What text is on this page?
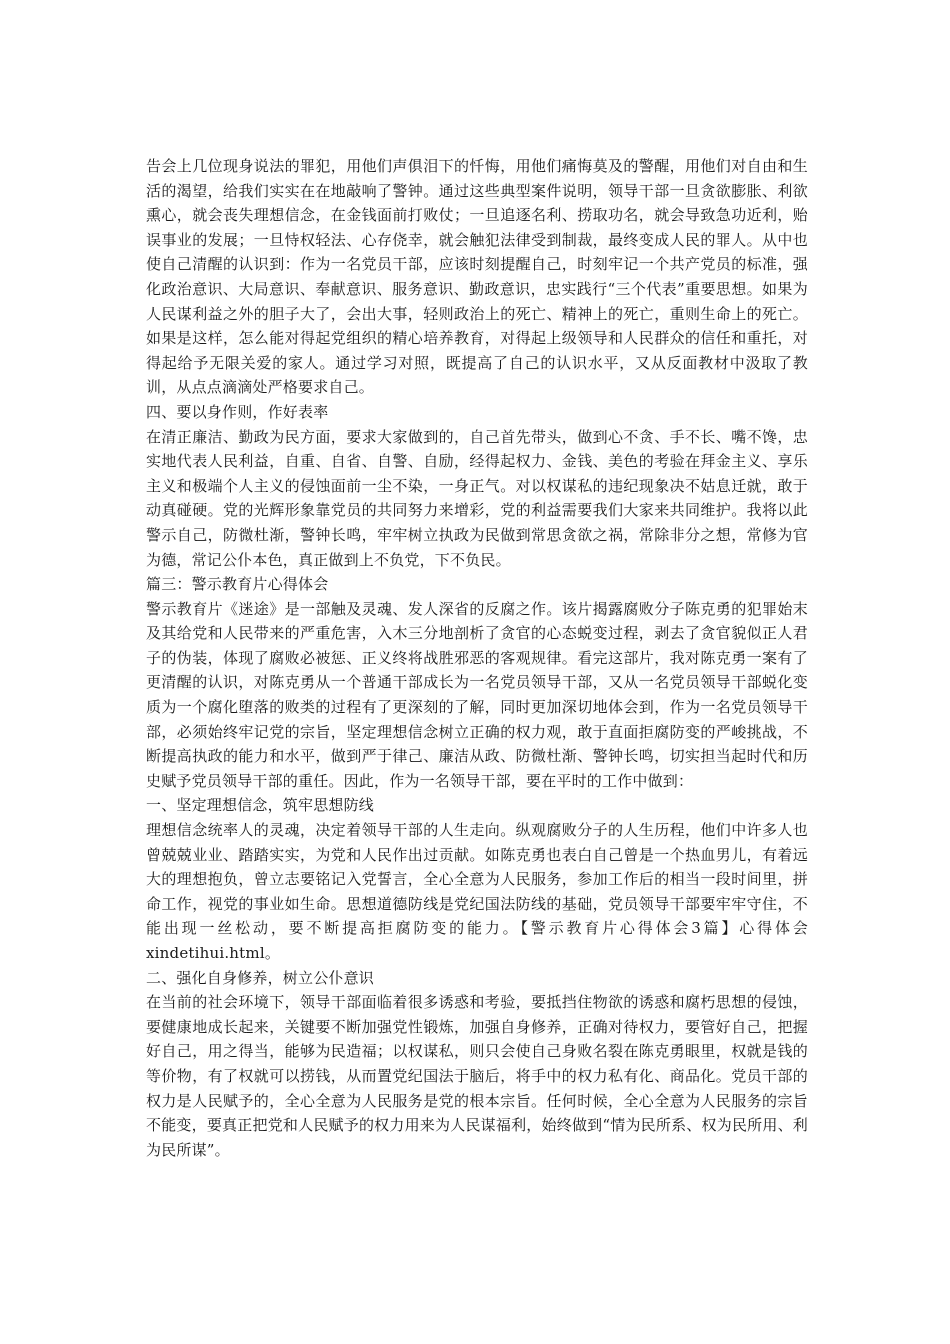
告会上几位现身说法的罪犯，用他们声俱泪下的忏悔，用他们痛悔莫及的警醒，用他们对自由和生活的渴望，给我们实实在在地敲响了警钟。通过这些典型案件说明，领导干部一旦贪欲膨胀、利欲熏心，就会丧失理想信念，在金钱面前打败仗；一旦追逐名利、捞取功名，就会导致急功近利，贻误事业的发展；一旦恃权轻法、心存侥幸，就会触犯法律受到制裁，最终变成人民的罪人。从中也使自己清醒的认识到：作为一名党员干部，应该时刻提醒自己，时刻牢记一个共产党员的标准，强化政治意识、大局意识、奉献意识、服务意识、勤政意识，忠实践行“三个代表”重要思想。如果为人民谋利益之外的胆子大了，会出大事，轻则政治上的死亡、精神上的死亡，重则生命上的死亡。如果是这样，怎么能对得起党组织的精心培养教育，对得起上级领导和人民群众的信任和重托，对得起给予无限关爱的家人。通过学习对照，既提高了自己的认识水平，又从反面教材中汲取了教训，从点点滴滴处严格要求自己。

四、要以身作则，作好表率

在清正廉洁、勤政为民方面，要求大家做到的，自己首先带头，做到心不贪、手不长、嘴不馋，忠实地代表人民利益，自重、自省、自警、自励，经得起权力、金钱、美色的考验在拜金主义、享乐主义和极端个人主义的侵蚀面前一尘不染，一身正气。对以权谋私的违纪现象决不姑息迁就，敢于动真碰硬。党的光辉形象靠党员的共同努力来增彩，党的利益需要我们大家来共同维护。我将以此警示自己，防微杜渐，警钟长鸣，牢牢树立执政为民做到常思贪欲之祸，常除非分之想，常修为官为德，常记公仆本色，真正做到上不负党，下不负民。

篇三：警示教育片心得体会

警示教育片《迷途》是一部触及灵魂、发人深省的反腐之作。该片揭露腐败分子陈克勇的犯罪始末及其给党和人民带来的严重危害，入木三分地剖析了贪官的心态蜕变过程，剥去了贪官貌似正人君子的伪装，体现了腐败必被惩、正义终将战胜邪恶的客观规律。看完这部片，我对陈克勇一案有了更清醒的认识，对陈克勇从一个普通干部成长为一名党员领导干部，又从一名党员领导干部蜕化变质为一个腐化堕落的败类的过程有了更深刻的了解，同时更加深切地体会到，作为一名党员领导干部，必须始终牢记党的宗旨，坚定理想信念树立正确的权力观，敢于直面拒腐防变的严峻挑战，不断提高执政的能力和水平，做到严于律己、廉洁从政、防微杜渐、警钟长鸣，切实担当起时代和历史赋予党员领导干部的重任。因此，作为一名领导干部，要在平时的工作中做到：

一、坚定理想信念，筑牢思想防线

理想信念统率人的灵魂，决定着领导干部的人生走向。纵观腐败分子的人生历程，他们中许多人也曾兢兢业业、踏踏实实，为党和人民作出过贡献。如陈克勇也表白自己曾是一个热血男儿，有着远大的理想抱负，曾立志要铭记入党誓言，全心全意为人民服务，参加工作后的相当一段时间里，拼命工作，视党的事业如生命。思想道德防线是党纪国法防线的基础，党员领导干部要牢牢守住，不能出现一丝松动，要不断提高拒腐防变的能力。【警示教育片心得体会3篇】心得体会 xindetihui.html。

二、强化自身修养，树立公仆意识

在当前的社会环境下，领导干部面临着很多诱惑和考验，要抵挡住物欲的诱惑和腐朽思想的侵蚀，要健康地成长起来，关键要不断加强党性锻炼，加强自身修养，正确对待权力，要管好自己，把握好自己，用之得当，能够为民造福；以权谋私，则只会使自己身败名裂在陈克勇眼里，权就是钱的等价物，有了权就可以捞钱，从而置党纪国法于脑后，将手中的权力私有化、商品化。党员干部的权力是人民赋予的，全心全意为人民服务是党的根本宗旨。任何时候，全心全意为人民服务的宗旨不能变，要真正把党和人民赋予的权力用来为人民谋福利，始终做到“情为民所系、权为民所用、利为民所谋”。
